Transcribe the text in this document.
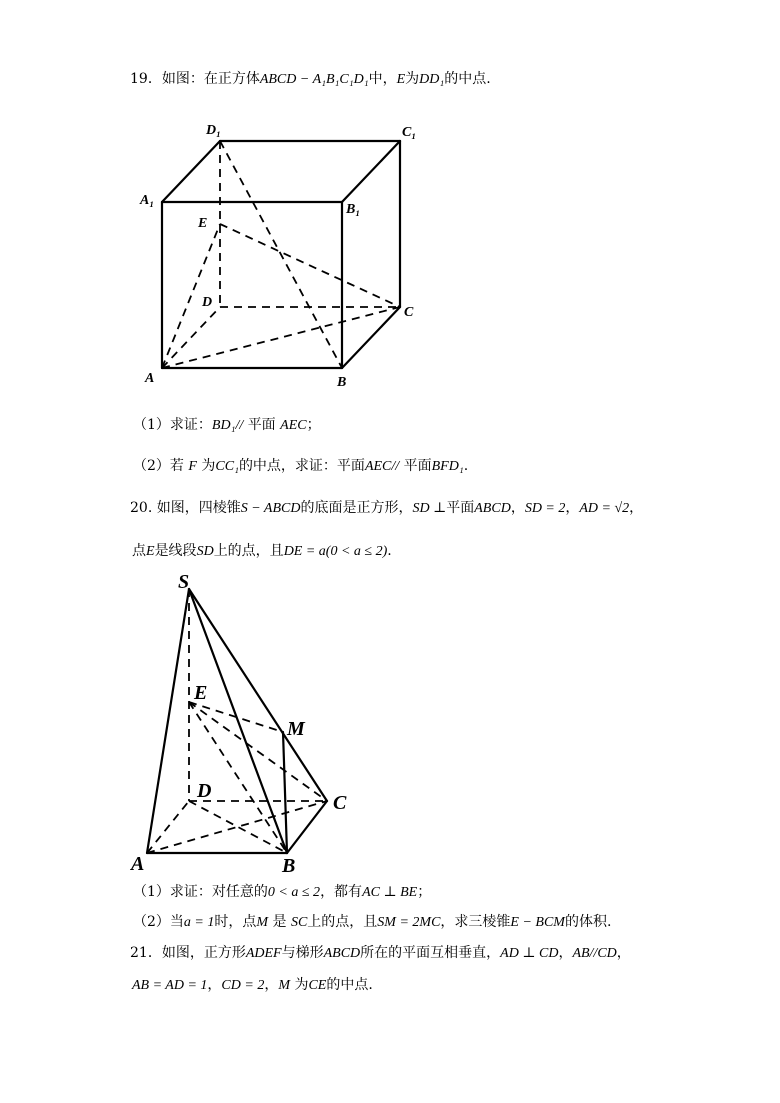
19．如图：在正方体ABCD − A₁B₁C₁D₁中，E为DD₁的中点.
D₁	C₁
A₁
B₁
E
D
C
A	B
（1）求证：BD₁// 平面 AEC；
（2）若 F 为CC₁的中点，求证：平面AEC// 平面BFD₁.
20. 如图，四棱锥S − ABCD的底面是正方形，SD ⊥平面ABCD，SD = 2，AD = √2，
点E是线段SD上的点，且DE = a(0 < a ≤ 2).
S
E
M
D
C
A	B
（1）求证：对任意的0 < a ≤ 2，都有AC ⊥ BE；
（2）当a = 1时，点M 是 SC上的点，且SM = 2MC，求三棱锥E − BCM的体积.
21．如图，正方形ADEF与梯形ABCD所在的平面互相垂直，AD ⊥ CD，AB//CD，
AB = AD = 1，CD = 2，M 为CE的中点.
